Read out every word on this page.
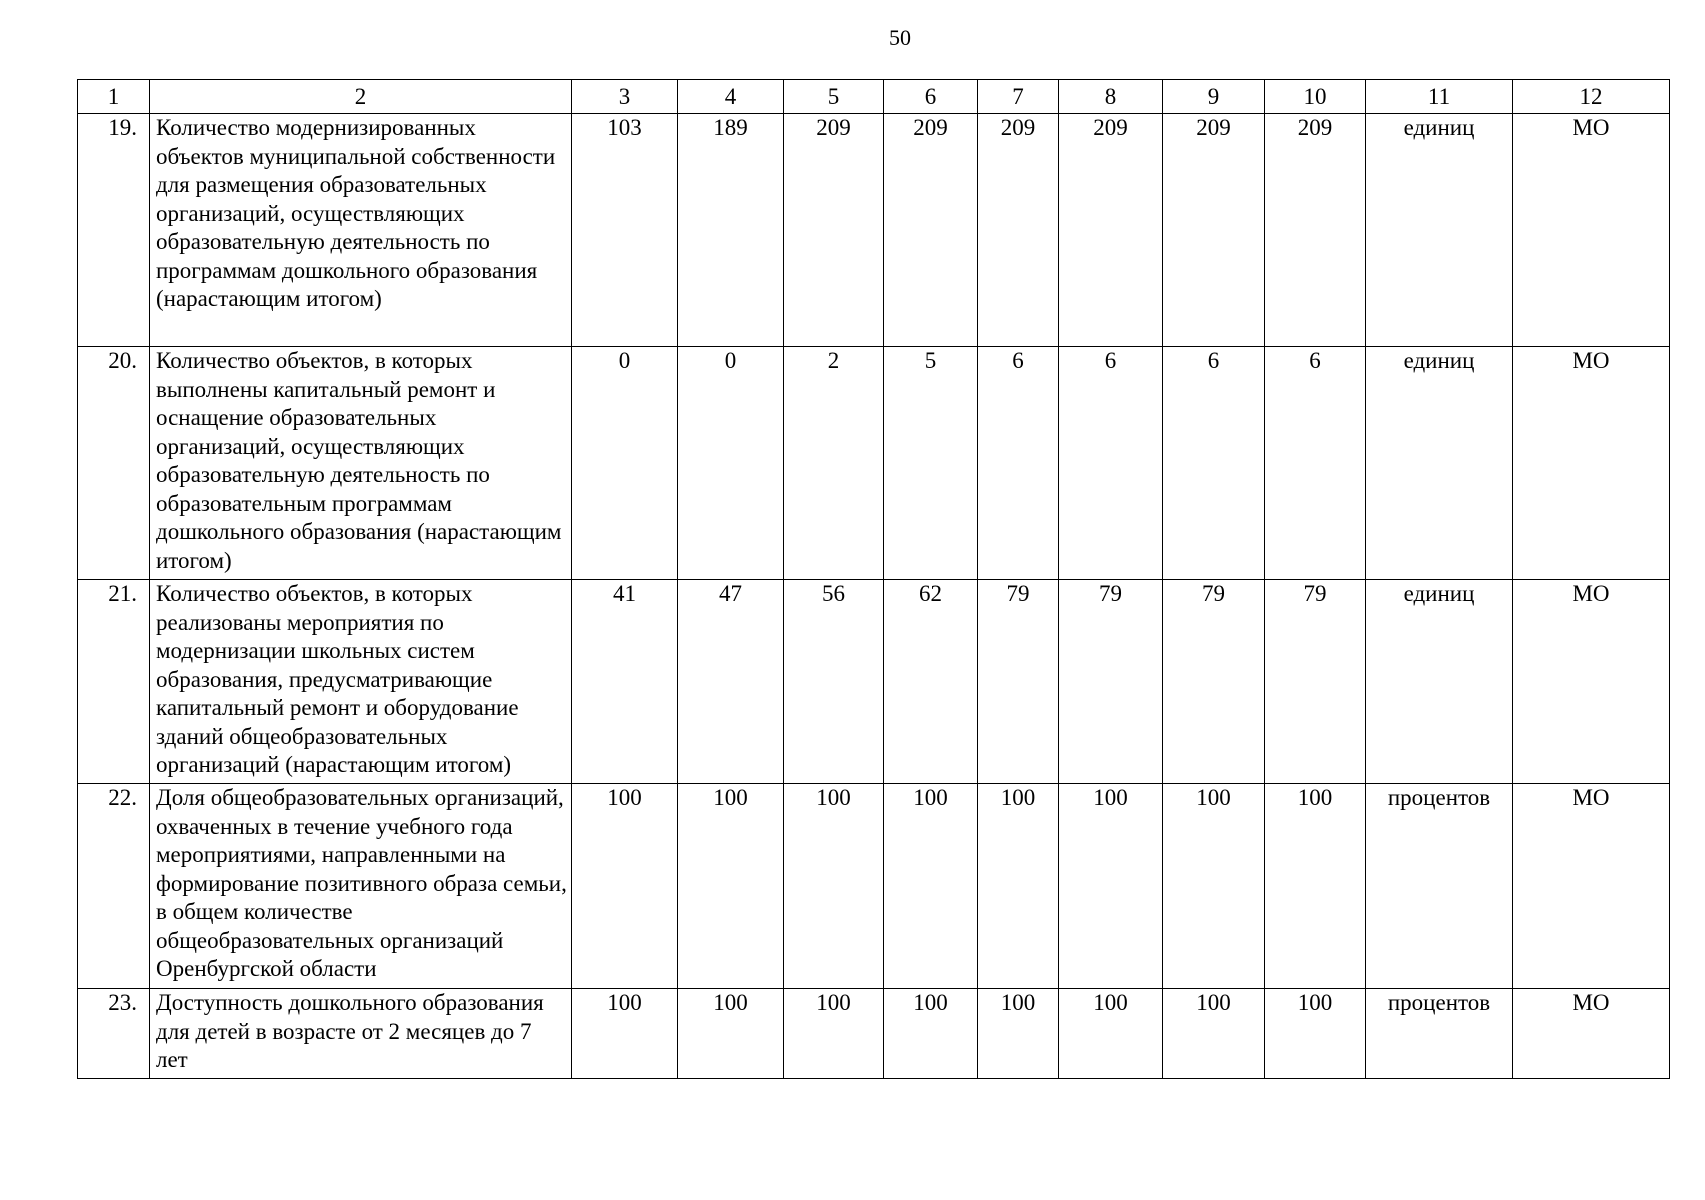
50
1	2	3	4	5	6	7	8	9	10	11	12
19.	Количество модернизированных объектов муниципальной собственности для размещения образовательных организаций, осуществляющих образовательную деятельность по программам дошкольного образования (нарастающим итогом)	103	189	209	209	209	209	209	209	единиц	МО
20.	Количество объектов, в которых выполнены капитальный ремонт и оснащение образовательных организаций, осуществляющих образовательную деятельность по образовательным программам дошкольного образования (нарастающим итогом)	0	0	2	5	6	6	6	6	единиц	МО
21.	Количество объектов, в которых реализованы мероприятия по модернизации школьных систем образования, предусматривающие капитальный ремонт и оборудование зданий общеобразовательных организаций (нарастающим итогом)	41	47	56	62	79	79	79	79	единиц	МО
22.	Доля общеобразовательных организаций, охваченных в течение учебного года мероприятиями, направленными на формирование позитивного образа семьи, в общем количестве общеобразовательных организаций Оренбургской области	100	100	100	100	100	100	100	100	процентов	МО
23.	Доступность дошкольного образования для детей в возрасте от 2 месяцев до 7 лет	100	100	100	100	100	100	100	100	процентов	МО
